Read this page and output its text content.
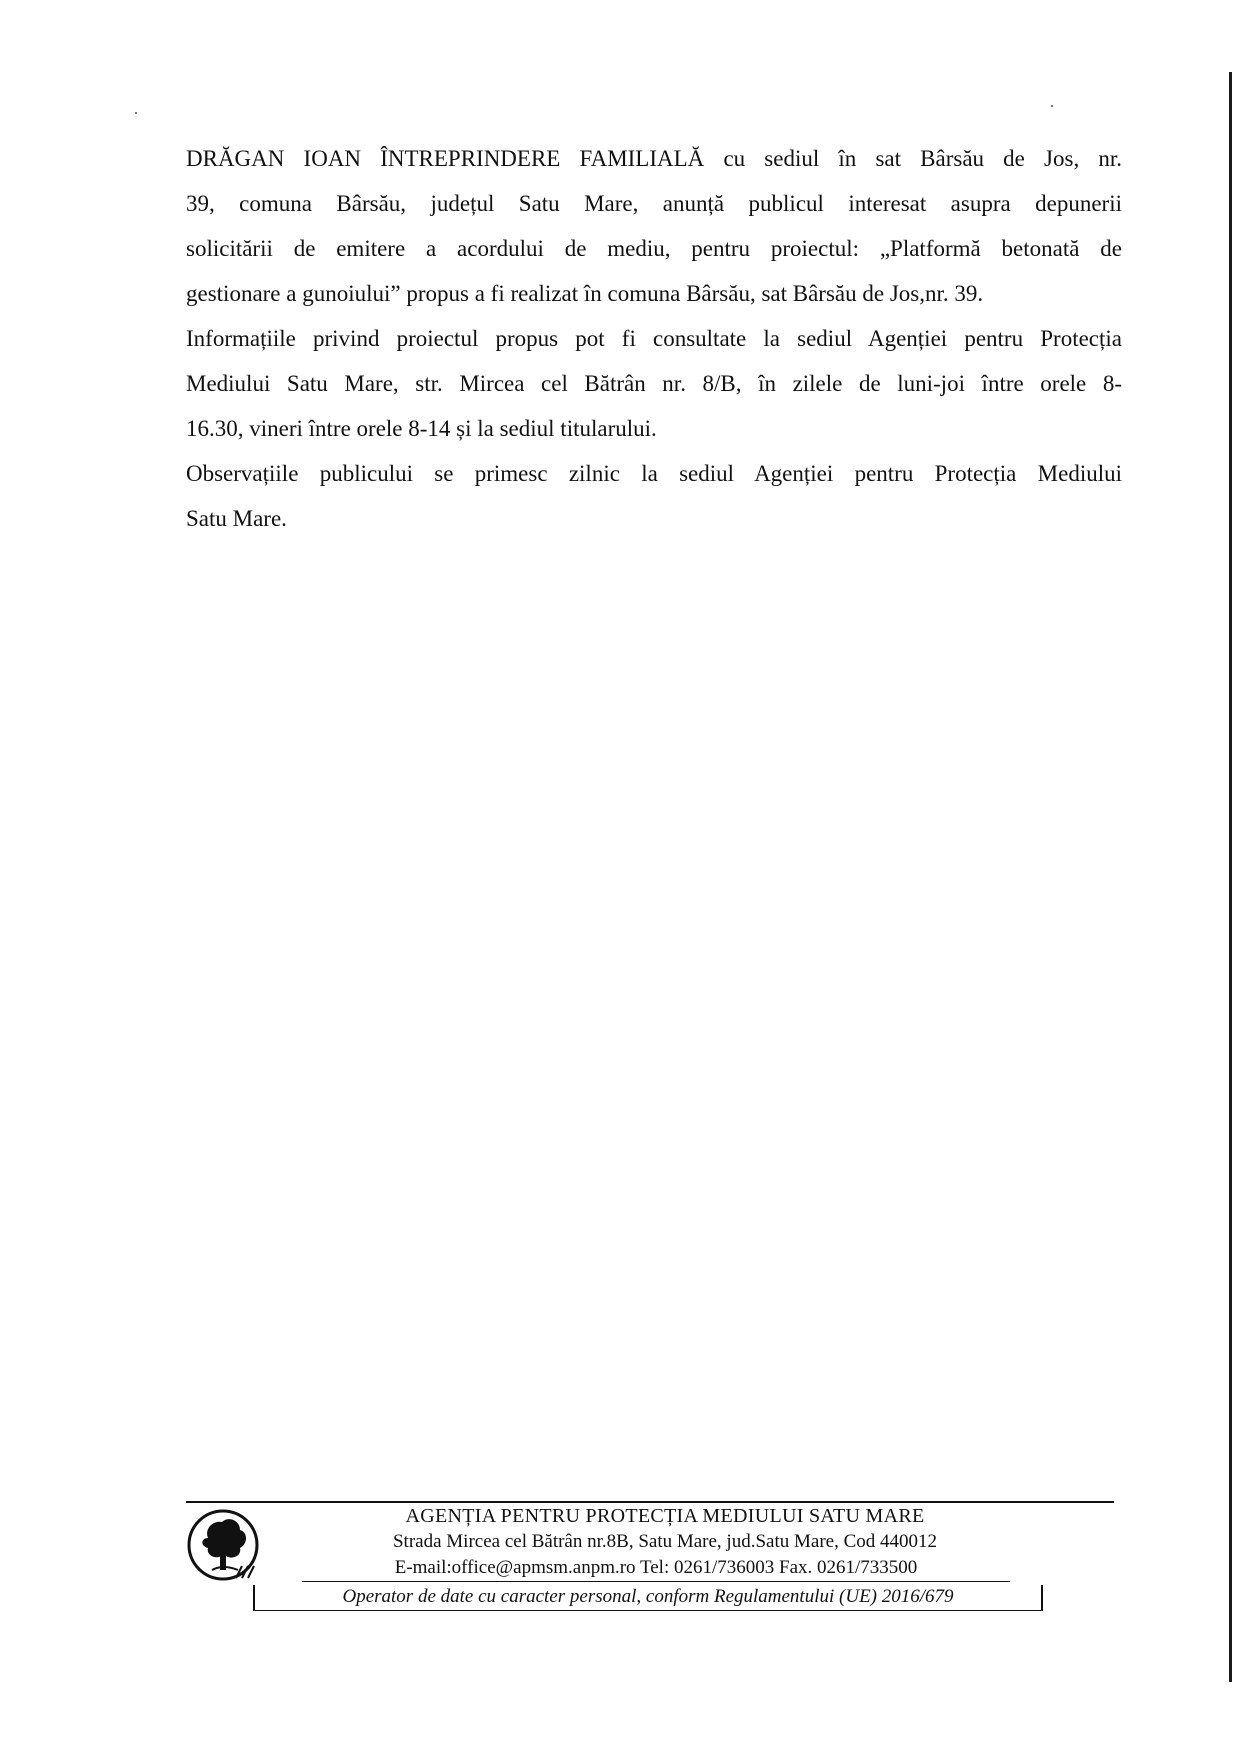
DRĂGAN IOAN ÎNTREPRINDERE FAMILIALĂ cu sediul în sat Bârsău de Jos, nr.
39, comuna Bârsău, județul Satu Mare, anunță publicul interesat asupra depunerii
solicitării de emitere a acordului de mediu, pentru proiectul: „Platformă betonată de
gestionare a gunoiului” propus a fi realizat în comuna Bârsău, sat Bârsău de Jos,nr. 39.
Informațiile privind proiectul propus pot fi consultate la sediul Agenției pentru Protecția
Mediului Satu Mare, str. Mircea cel Bătrân nr. 8/B, în zilele de luni-joi între orele 8-
16.30, vineri între orele 8-14 și la sediul titularului.
Observațiile publicului se primesc zilnic la sediul Agenției pentru Protecția Mediului
Satu Mare.
AGENȚIA PENTRU PROTECȚIA MEDIULUI SATU MARE
Strada Mircea cel Bătrân nr.8B, Satu Mare, jud.Satu Mare, Cod 440012
E-mail:office@apmsm.anpm.ro Tel: 0261/736003 Fax. 0261/733500
Operator de date cu caracter personal, conform Regulamentului (UE) 2016/679
